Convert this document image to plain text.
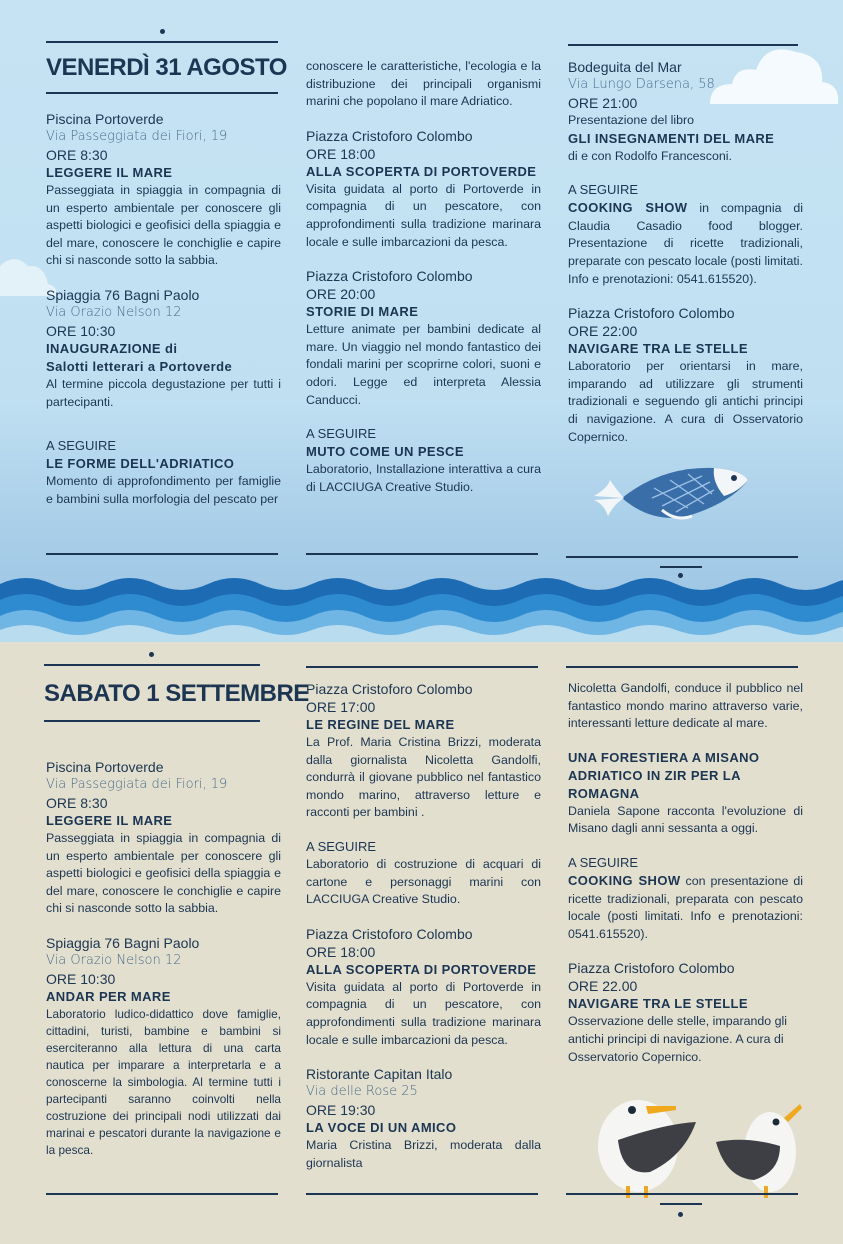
VENERDÌ 31 AGOSTO
SABATO 1 SETTEMBRE

Piscina Portoverde

Via Passeggiata dei Fiori, 19

ORE 8:30

LEGGERE IL MARE

Passeggiata in spiaggia in compagnia di un esperto ambientale per conoscere gli aspetti biologici e geofisici della spiaggia e del mare, conoscere le conchiglie e capire chi si nasconde sotto la sabbia.

Spiaggia 76 Bagni Paolo

Via Orazio Nelson 12

ORE 10:30

INAUGURAZIONE di

Salotti letterari a Portoverde

Al termine piccola degustazione per tutti i partecipanti.

A SEGUIRE

LE FORME DELL'ADRIATICO

Momento di approfondimento per famiglie e bambini sulla morfologia del pescato per

conoscere le caratteristiche, l'ecologia e la distribuzione dei principali organismi marini che popolano il mare Adriatico.

Piazza Cristoforo Colombo

ORE 18:00

ALLA SCOPERTA DI PORTOVERDE

Visita guidata al porto di Portoverde in compagnia di un pescatore, con approfondimenti sulla tradizione marinara locale e sulle imbarcazioni da pesca.

Piazza Cristoforo Colombo

ORE 20:00

STORIE DI MARE

Letture animate per bambini dedicate al mare. Un viaggio nel mondo fantastico dei fondali marini per scoprirne colori, suoni e odori. Legge ed interpreta Alessia Canducci.

A SEGUIRE

MUTO COME UN PESCE

Laboratorio, Installazione interattiva a cura di LACCIUGA Creative Studio.

Bodeguita del Mar

Via Lungo Darsena, 58

ORE 21:00

Presentazione del libro

GLI INSEGNAMENTI DEL MARE

di e con Rodolfo Francesconi.

A SEGUIRE

COOKING SHOW in compagnia di Claudia Casadio food blogger. Presentazione di ricette tradizionali, preparate con pescato locale (posti limitati. Info e prenotazioni: 0541.615520).

Piazza Cristoforo Colombo

ORE 22:00

NAVIGARE TRA LE STELLE

Laboratorio per orientarsi in mare, imparando ad utilizzare gli strumenti tradizionali e seguendo gli antichi principi di navigazione. A cura di Osservatorio Copernico.

Piscina Portoverde

Via Passeggiata dei Fiori, 19

ORE 8:30

LEGGERE IL MARE

Passeggiata in spiaggia in compagnia di un esperto ambientale per conoscere gli aspetti biologici e geofisici della spiaggia e del mare, conoscere le conchiglie e capire chi si nasconde sotto la sabbia.

Spiaggia 76 Bagni Paolo

Via Orazio Nelson 12

ORE 10:30

ANDAR PER MARE

Laboratorio ludico-didattico dove famiglie, cittadini, turisti, bambine e bambini si eserciteranno alla lettura di una carta nautica per imparare a interpretarla e a conoscerne la simbologia. Al termine tutti i partecipanti saranno coinvolti nella costruzione dei principali nodi utilizzati dai marinai e pescatori durante la navigazione e la pesca.

Piazza Cristoforo Colombo

ORE 17:00

LE REGINE DEL MARE

La Prof. Maria Cristina Brizzi, moderata dalla giornalista Nicoletta Gandolfi, condurrà il giovane pubblico nel fantastico mondo marino, attraverso letture e racconti per bambini .

A SEGUIRE

Laboratorio di costruzione di acquari di cartone e personaggi marini con LACCIUGA Creative Studio.

Piazza Cristoforo Colombo

ORE 18:00

ALLA SCOPERTA DI PORTOVERDE

Visita guidata al porto di Portoverde in compagnia di un pescatore, con approfondimenti sulla tradizione marinara locale e sulle imbarcazioni da pesca.

Ristorante Capitan Italo

Via delle Rose 25

ORE 19:30

LA VOCE DI UN AMICO

Maria Cristina Brizzi, moderata dalla giornalista

Nicoletta Gandolfi, conduce il pubblico nel fantastico mondo marino attraverso varie, interessanti letture dedicate al mare.

UNA FORESTIERA A MISANO ADRIATICO IN ZIR PER LA ROMAGNA

Daniela Sapone racconta l'evoluzione di Misano dagli anni sessanta a oggi.

A SEGUIRE

COOKING SHOW con presentazione di ricette tradizionali, preparata con pescato locale (posti limitati. Info e prenotazioni: 0541.615520).

Piazza Cristoforo Colombo

ORE 22.00

NAVIGARE TRA LE STELLE

Osservazione delle stelle, imparando gli antichi principi di navigazione. A cura di Osservatorio Copernico.
